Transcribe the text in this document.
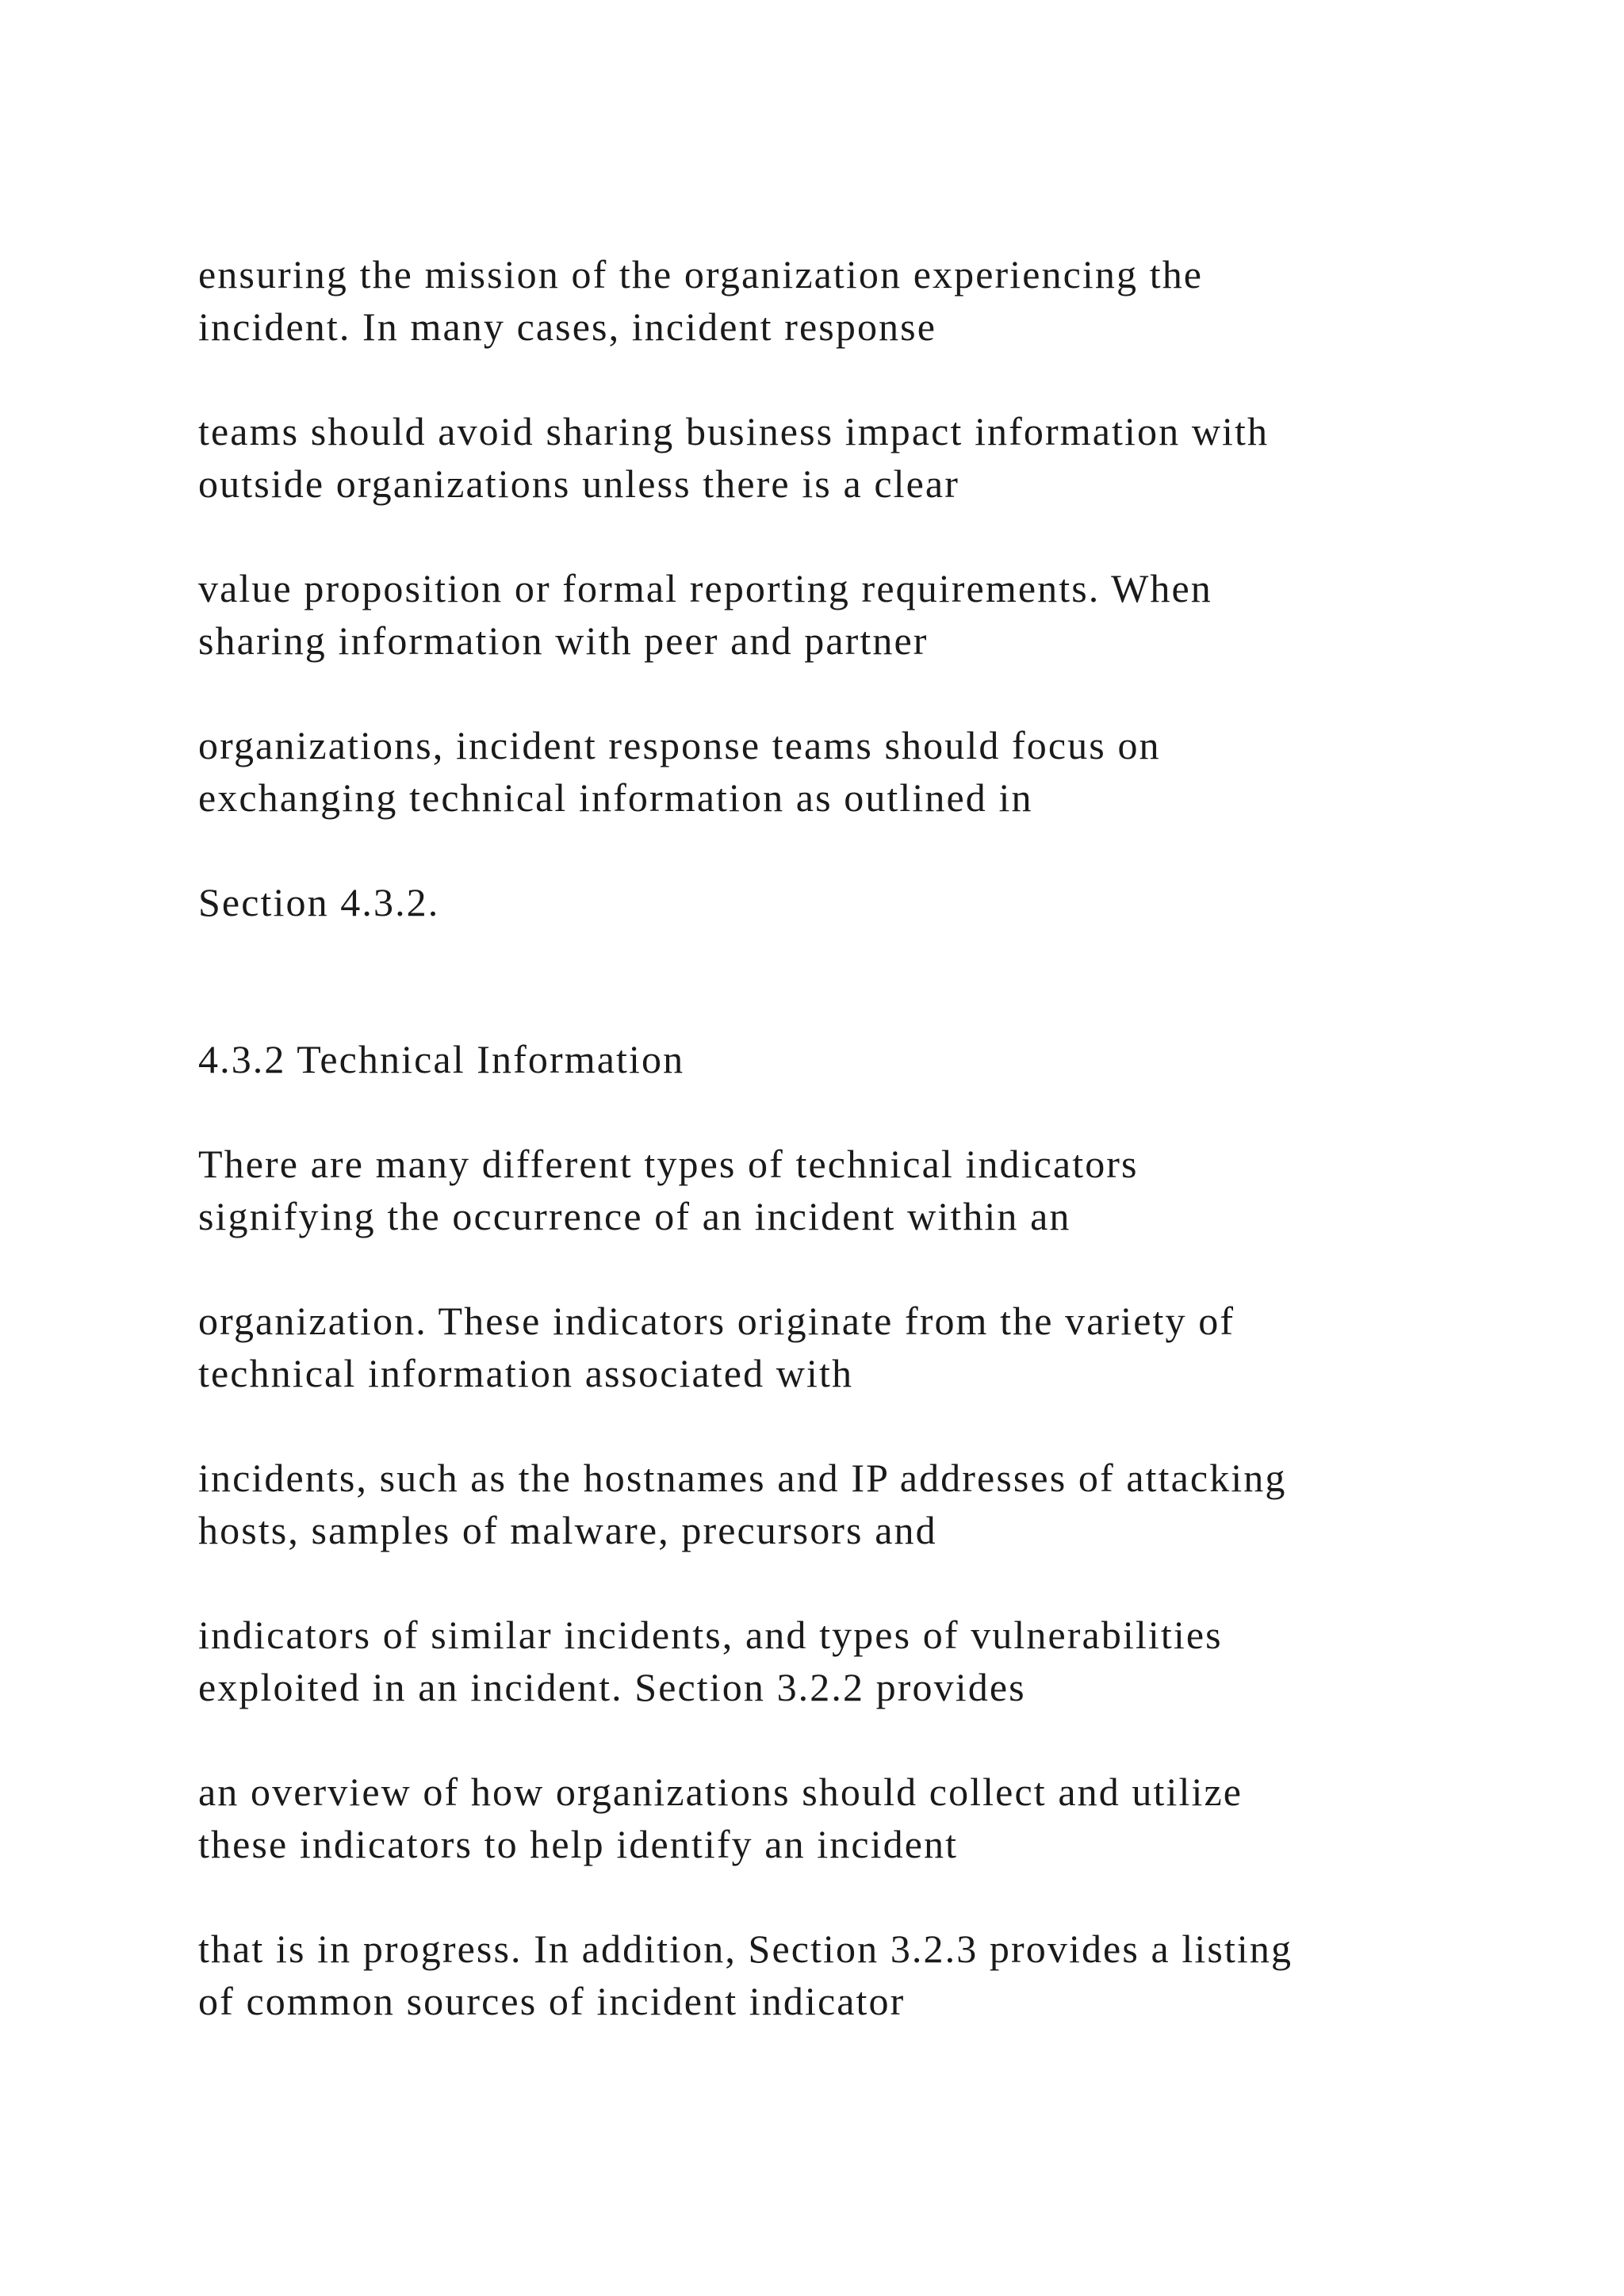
ensuring the mission of the organization experiencing the
incident. In many cases, incident response

teams should avoid sharing business impact information with
outside organizations unless there is a clear

value proposition or formal reporting requirements. When
sharing information with peer and partner

organizations, incident response teams should focus on
exchanging technical information as outlined in

Section 4.3.2.

4.3.2 Technical Information

There are many different types of technical indicators
signifying the occurrence of an incident within an

organization. These indicators originate from the variety of
technical information associated with

incidents, such as the hostnames and IP addresses of attacking
hosts, samples of malware, precursors and

indicators of similar incidents, and types of vulnerabilities
exploited in an incident. Section 3.2.2 provides

an overview of how organizations should collect and utilize
these indicators to help identify an incident

that is in progress. In addition, Section 3.2.3 provides a listing
of common sources of incident indicator
